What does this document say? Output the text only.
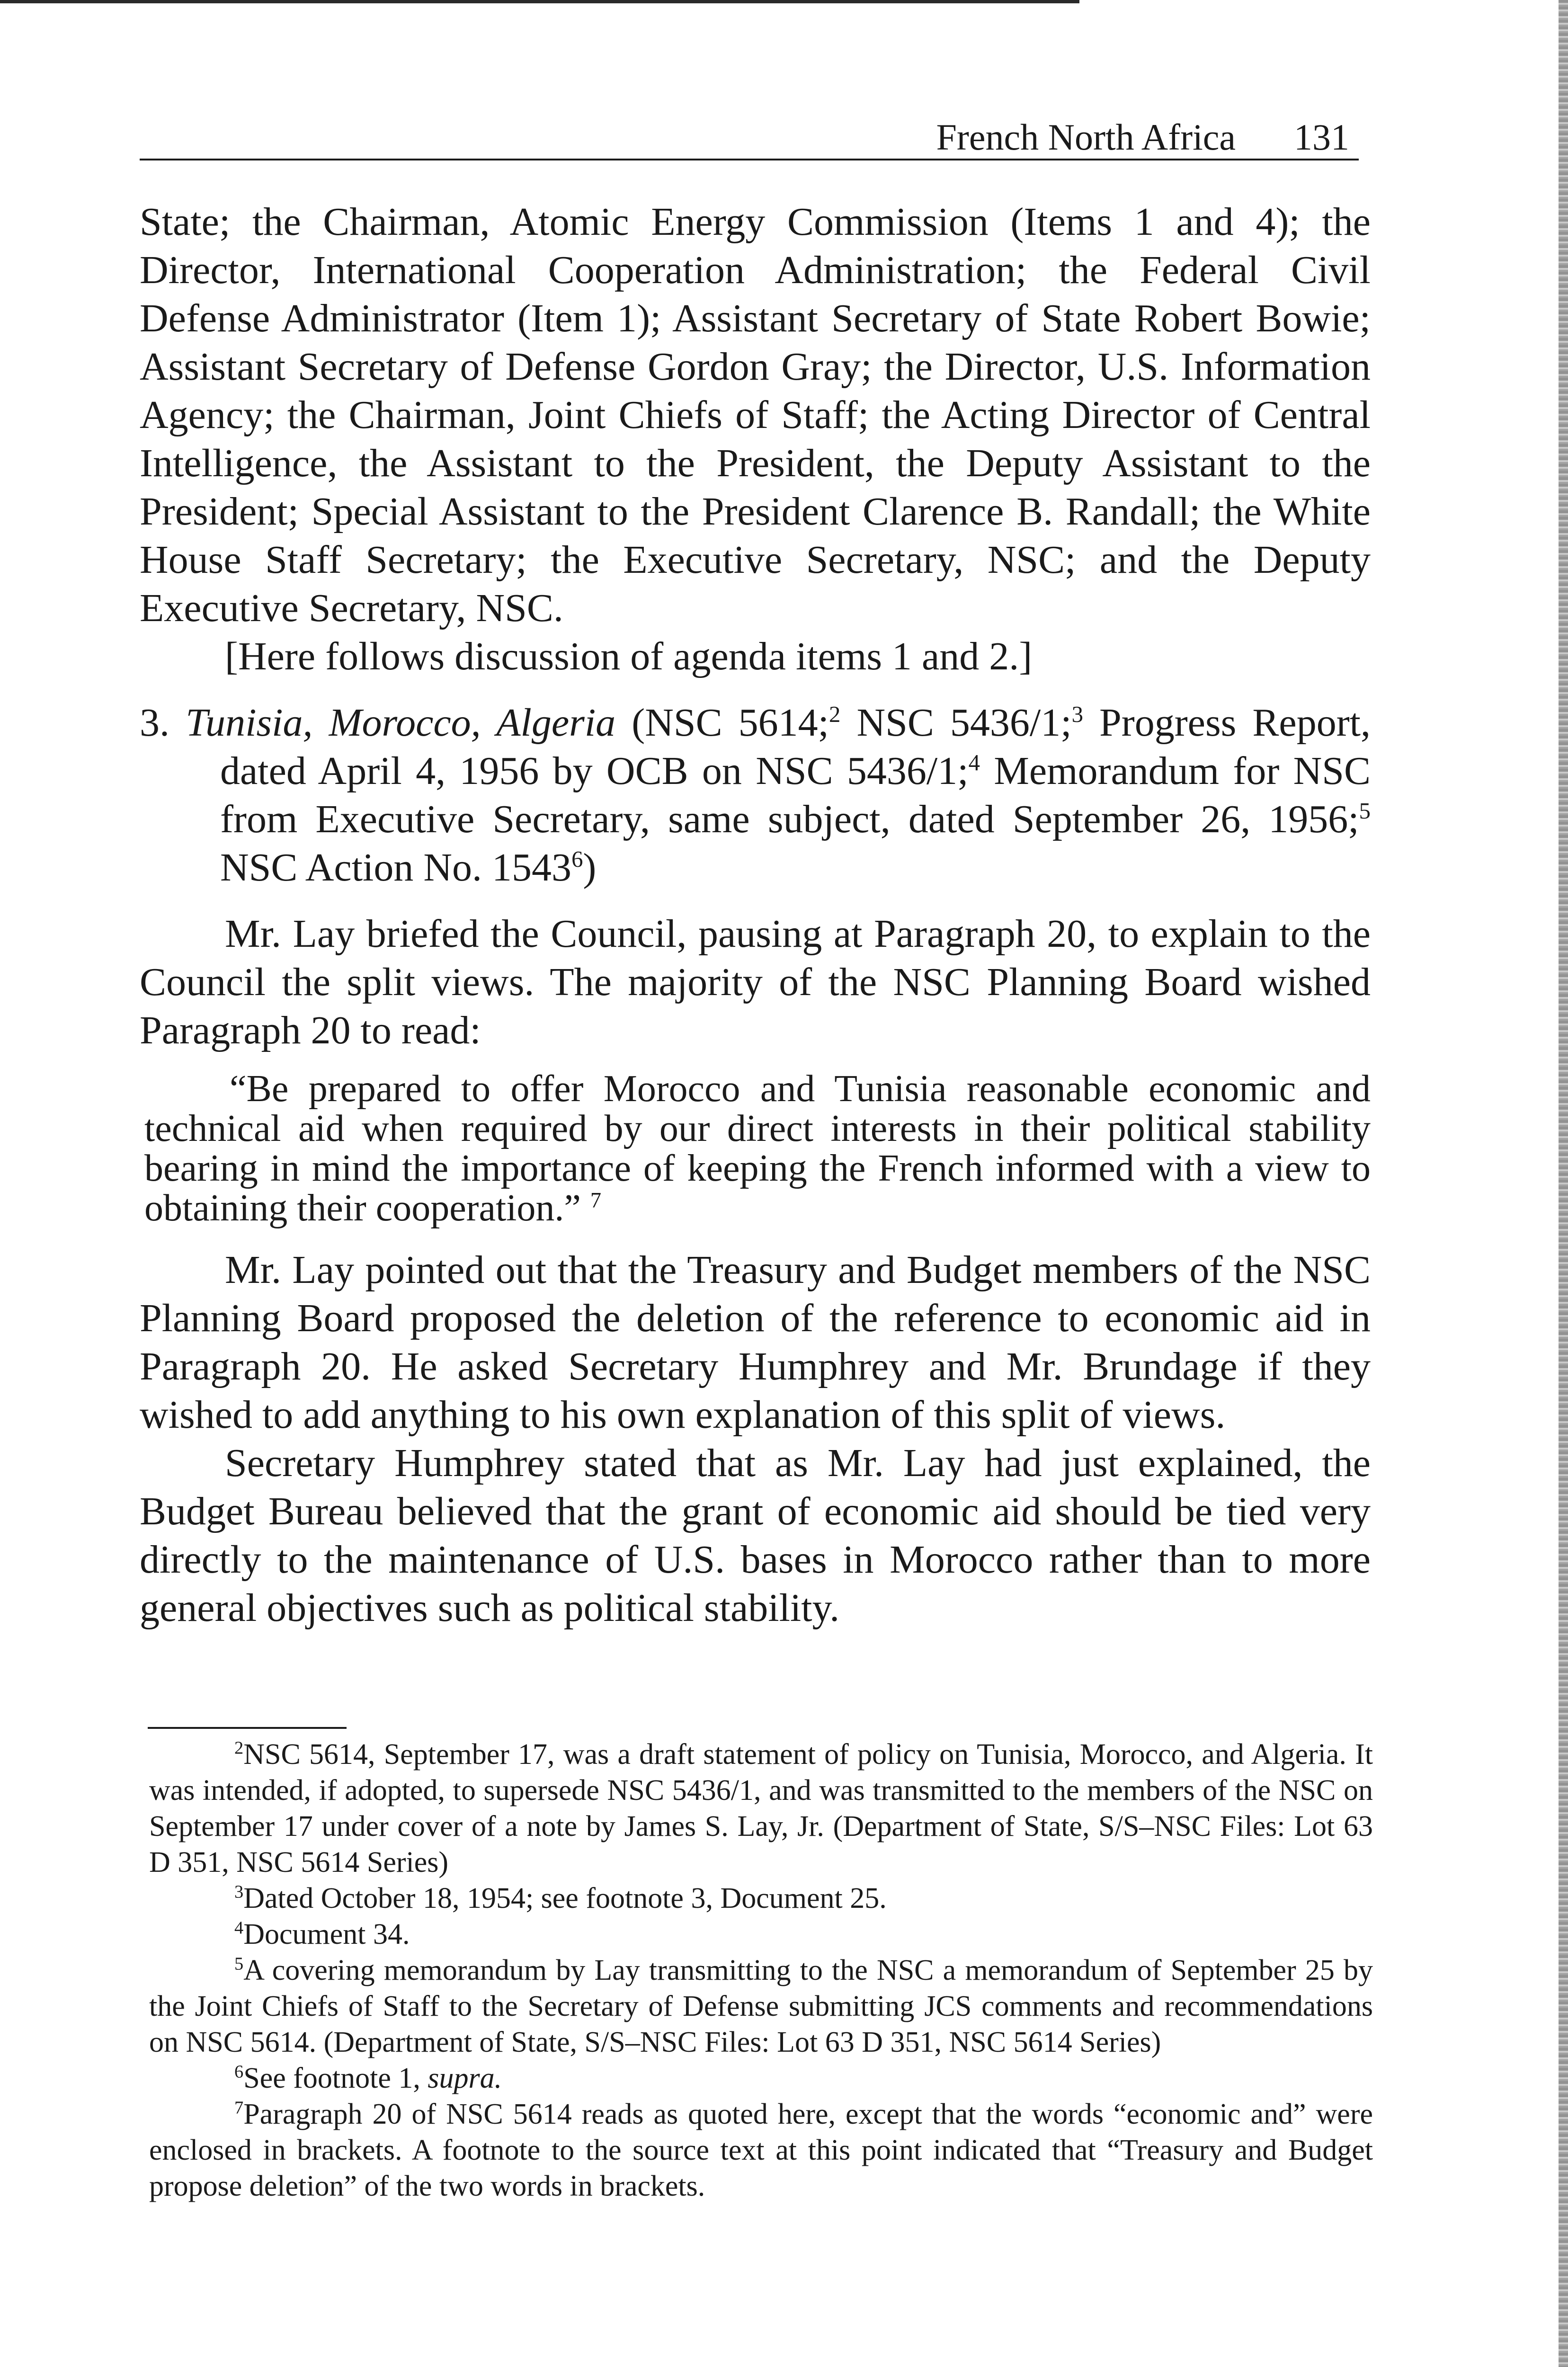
French North Africa 131

State; the Chairman, Atomic Energy Commission (Items 1 and 4); the Director, International Cooperation Administration; the Federal Civil Defense Administrator (Item 1); Assistant Secretary of State Robert Bowie; Assistant Secretary of Defense Gordon Gray; the Director, U.S. Information Agency; the Chairman, Joint Chiefs of Staff; the Acting Director of Central Intelligence, the Assistant to the President, the Deputy Assistant to the President; Special Assistant to the President Clarence B. Randall; the White House Staff Secretary; the Executive Secretary, NSC; and the Deputy Executive Secretary, NSC.

[Here follows discussion of agenda items 1 and 2.]

3. Tunisia, Morocco, Algeria (NSC 5614;$^2$ NSC 5436/1;$^3$ Progress Report, dated April 4, 1956 by OCB on NSC 5436/1;$^4$ Memorandum for NSC from Executive Secretary, same subject, dated September 26, 1956;$^5$ NSC Action No. 1543$^6$)

Mr. Lay briefed the Council, pausing at Paragraph 20, to explain to the Council the split views. The majority of the NSC Planning Board wished Paragraph 20 to read:

“Be prepared to offer Morocco and Tunisia reasonable economic and technical aid when required by our direct interests in their political stability bearing in mind the importance of keeping the French informed with a view to obtaining their cooperation.” $^7$

Mr. Lay pointed out that the Treasury and Budget members of the NSC Planning Board proposed the deletion of the reference to economic aid in Paragraph 20. He asked Secretary Humphrey and Mr. Brundage if they wished to add anything to his own explanation of this split of views.

Secretary Humphrey stated that as Mr. Lay had just explained, the Budget Bureau believed that the grant of economic aid should be tied very directly to the maintenance of U.S. bases in Morocco rather than to more general objectives such as political stability.

$^2$NSC 5614, September 17, was a draft statement of policy on Tunisia, Morocco, and Algeria. It was intended, if adopted, to supersede NSC 5436/1, and was transmitted to the members of the NSC on September 17 under cover of a note by James S. Lay, Jr. (Department of State, S/S–NSC Files: Lot 63 D 351, NSC 5614 Series)

$^3$Dated October 18, 1954; see footnote 3, Document 25.

$^4$Document 34.

$^5$A covering memorandum by Lay transmitting to the NSC a memorandum of September 25 by the Joint Chiefs of Staff to the Secretary of Defense submitting JCS comments and recommendations on NSC 5614. (Department of State, S/S–NSC Files: Lot 63 D 351, NSC 5614 Series)

$^6$See footnote 1, supra.

$^7$Paragraph 20 of NSC 5614 reads as quoted here, except that the words “economic and” were enclosed in brackets. A footnote to the source text at this point indicated that “Treasury and Budget propose deletion” of the two words in brackets.
